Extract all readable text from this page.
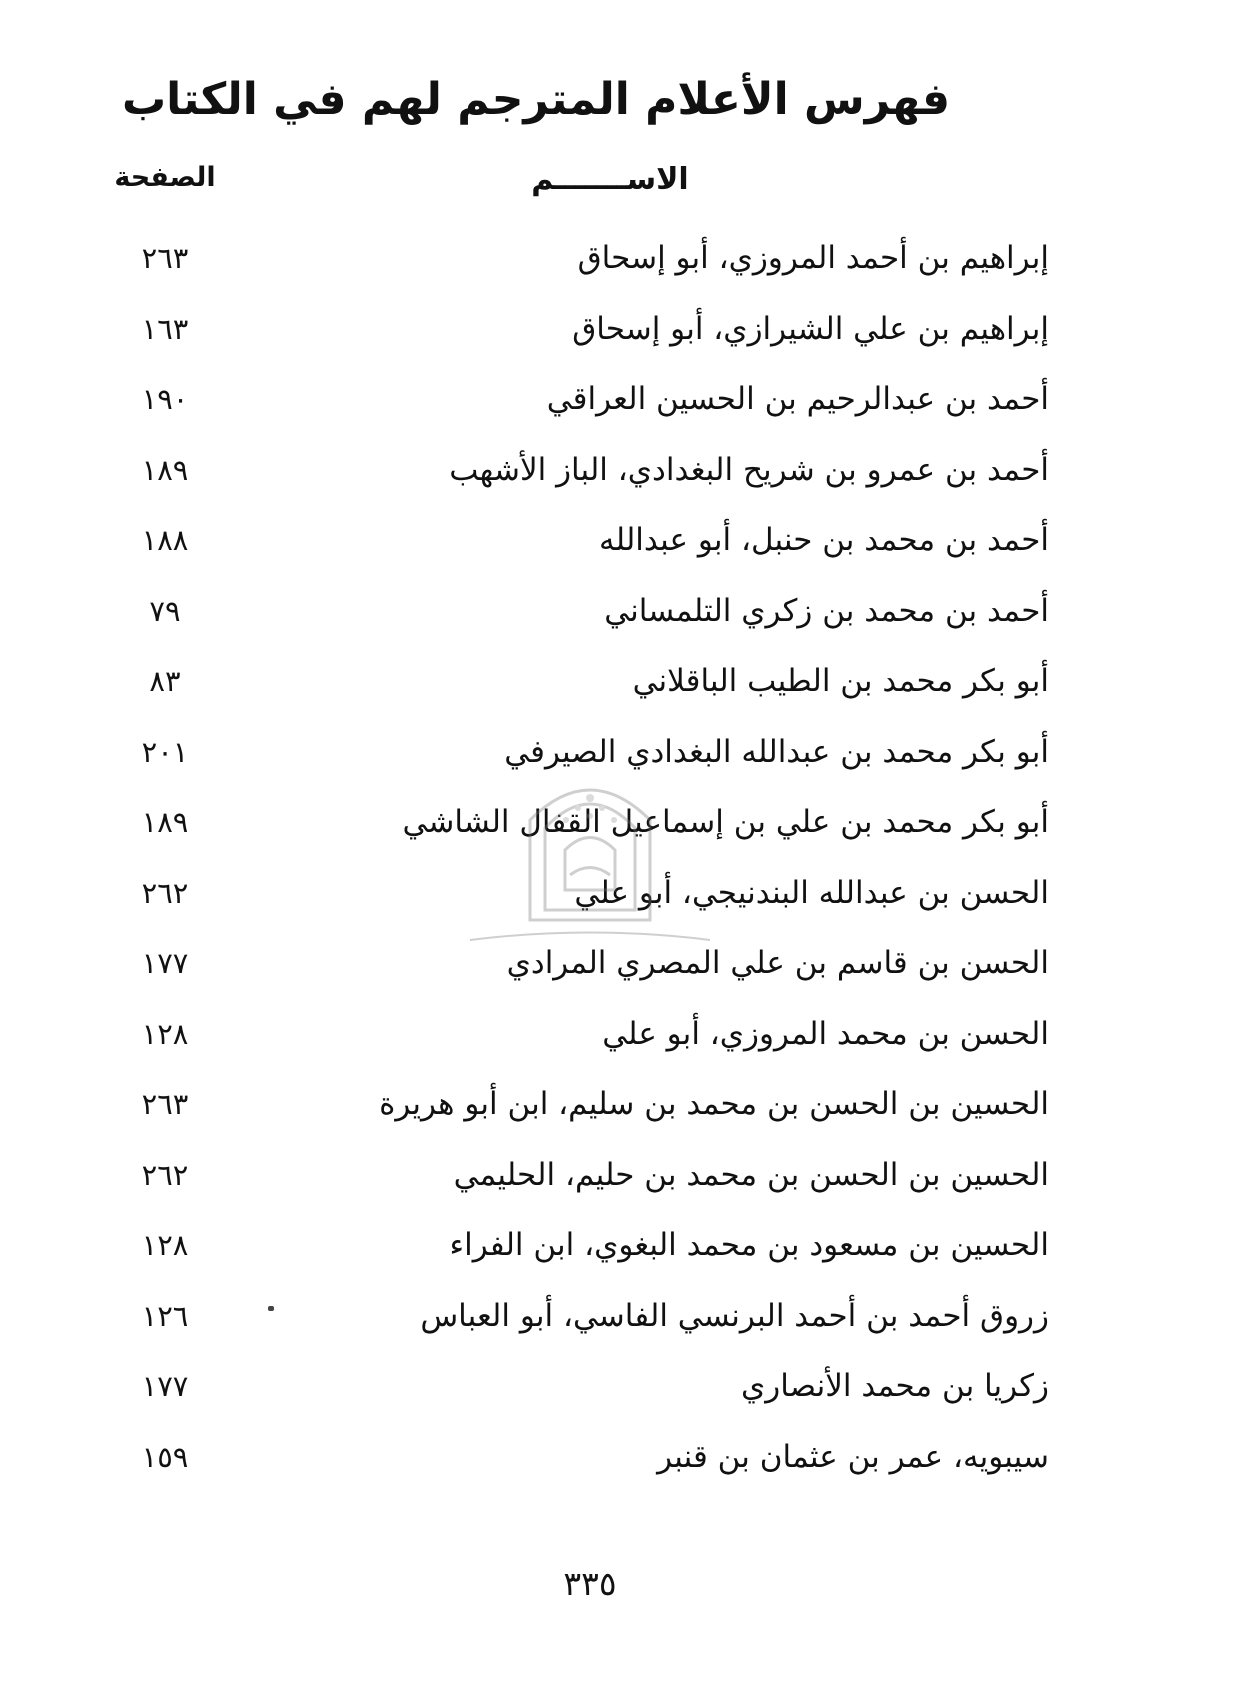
فهرس الأعلام المترجم لهم في الكتاب
الاســـــــم
الصفحة
إبراهيم بن أحمد المروزي، أبو إسحاق
٢٦٣
إبراهيم بن علي الشيرازي، أبو إسحاق
١٦٣
أحمد بن عبدالرحيم بن الحسين العراقي
١٩٠
أحمد بن عمرو بن شريح البغدادي، الباز الأشهب
١٨٩
أحمد بن محمد بن حنبل، أبو عبدالله
١٨٨
أحمد بن محمد بن زكري التلمساني
٧٩
أبو بكر محمد بن الطيب الباقلاني
٨٣
أبو بكر محمد بن عبدالله البغدادي الصيرفي
٢٠١
أبو بكر محمد بن علي بن إسماعيل القفال الشاشي
١٨٩
الحسن بن عبدالله البندنيجي، أبو علي
٢٦٢
الحسن بن قاسم بن علي المصري المرادي
١٧٧
الحسن بن محمد المروزي، أبو علي
١٢٨
الحسين بن الحسن بن محمد بن سليم، ابن أبو هريرة
٢٦٣
الحسين بن الحسن بن محمد بن حليم، الحليمي
٢٦٢
الحسين بن مسعود بن محمد البغوي، ابن الفراء
١٢٨
زروق أحمد بن أحمد البرنسي الفاسي، أبو العباس
١٢٦
زكريا بن محمد الأنصاري
١٧٧
سيبويه، عمر بن عثمان بن قنبر
١٥٩
٣٣٥
